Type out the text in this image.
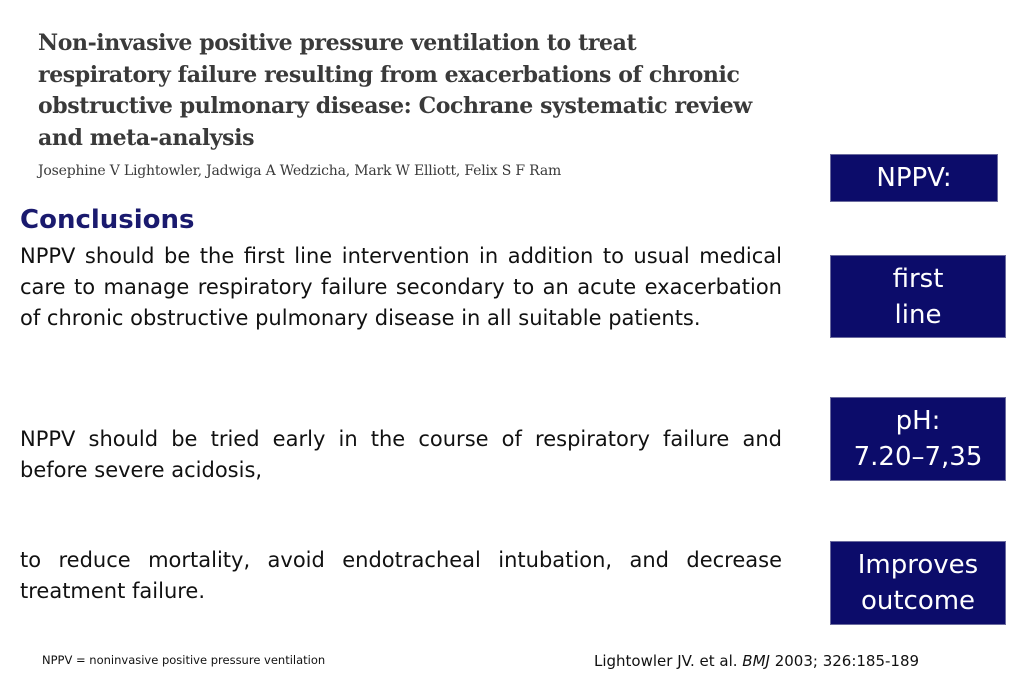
Non-invasive positive pressure ventilation to treat respiratory failure resulting from exacerbations of chronic obstructive pulmonary disease: Cochrane systematic review and meta-analysis
Josephine V Lightowler, Jadwiga A Wedzicha, Mark W Elliott, Felix S F Ram
Conclusions
NPPV should be the first line intervention in addition to usual medical care to manage respiratory failure secondary to an acute exacerbation of chronic obstructive pulmonary disease in all suitable patients.
NPPV should be tried early in the course of respiratory failure and before severe acidosis,
to reduce mortality, avoid endotracheal intubation, and decrease treatment failure.
NPPV:
first
line
pH:
7.20–7,35
Improves
outcome
NPPV = noninvasive positive pressure ventilation	Lightowler JV. et al. BMJ 2003; 326:185-189
